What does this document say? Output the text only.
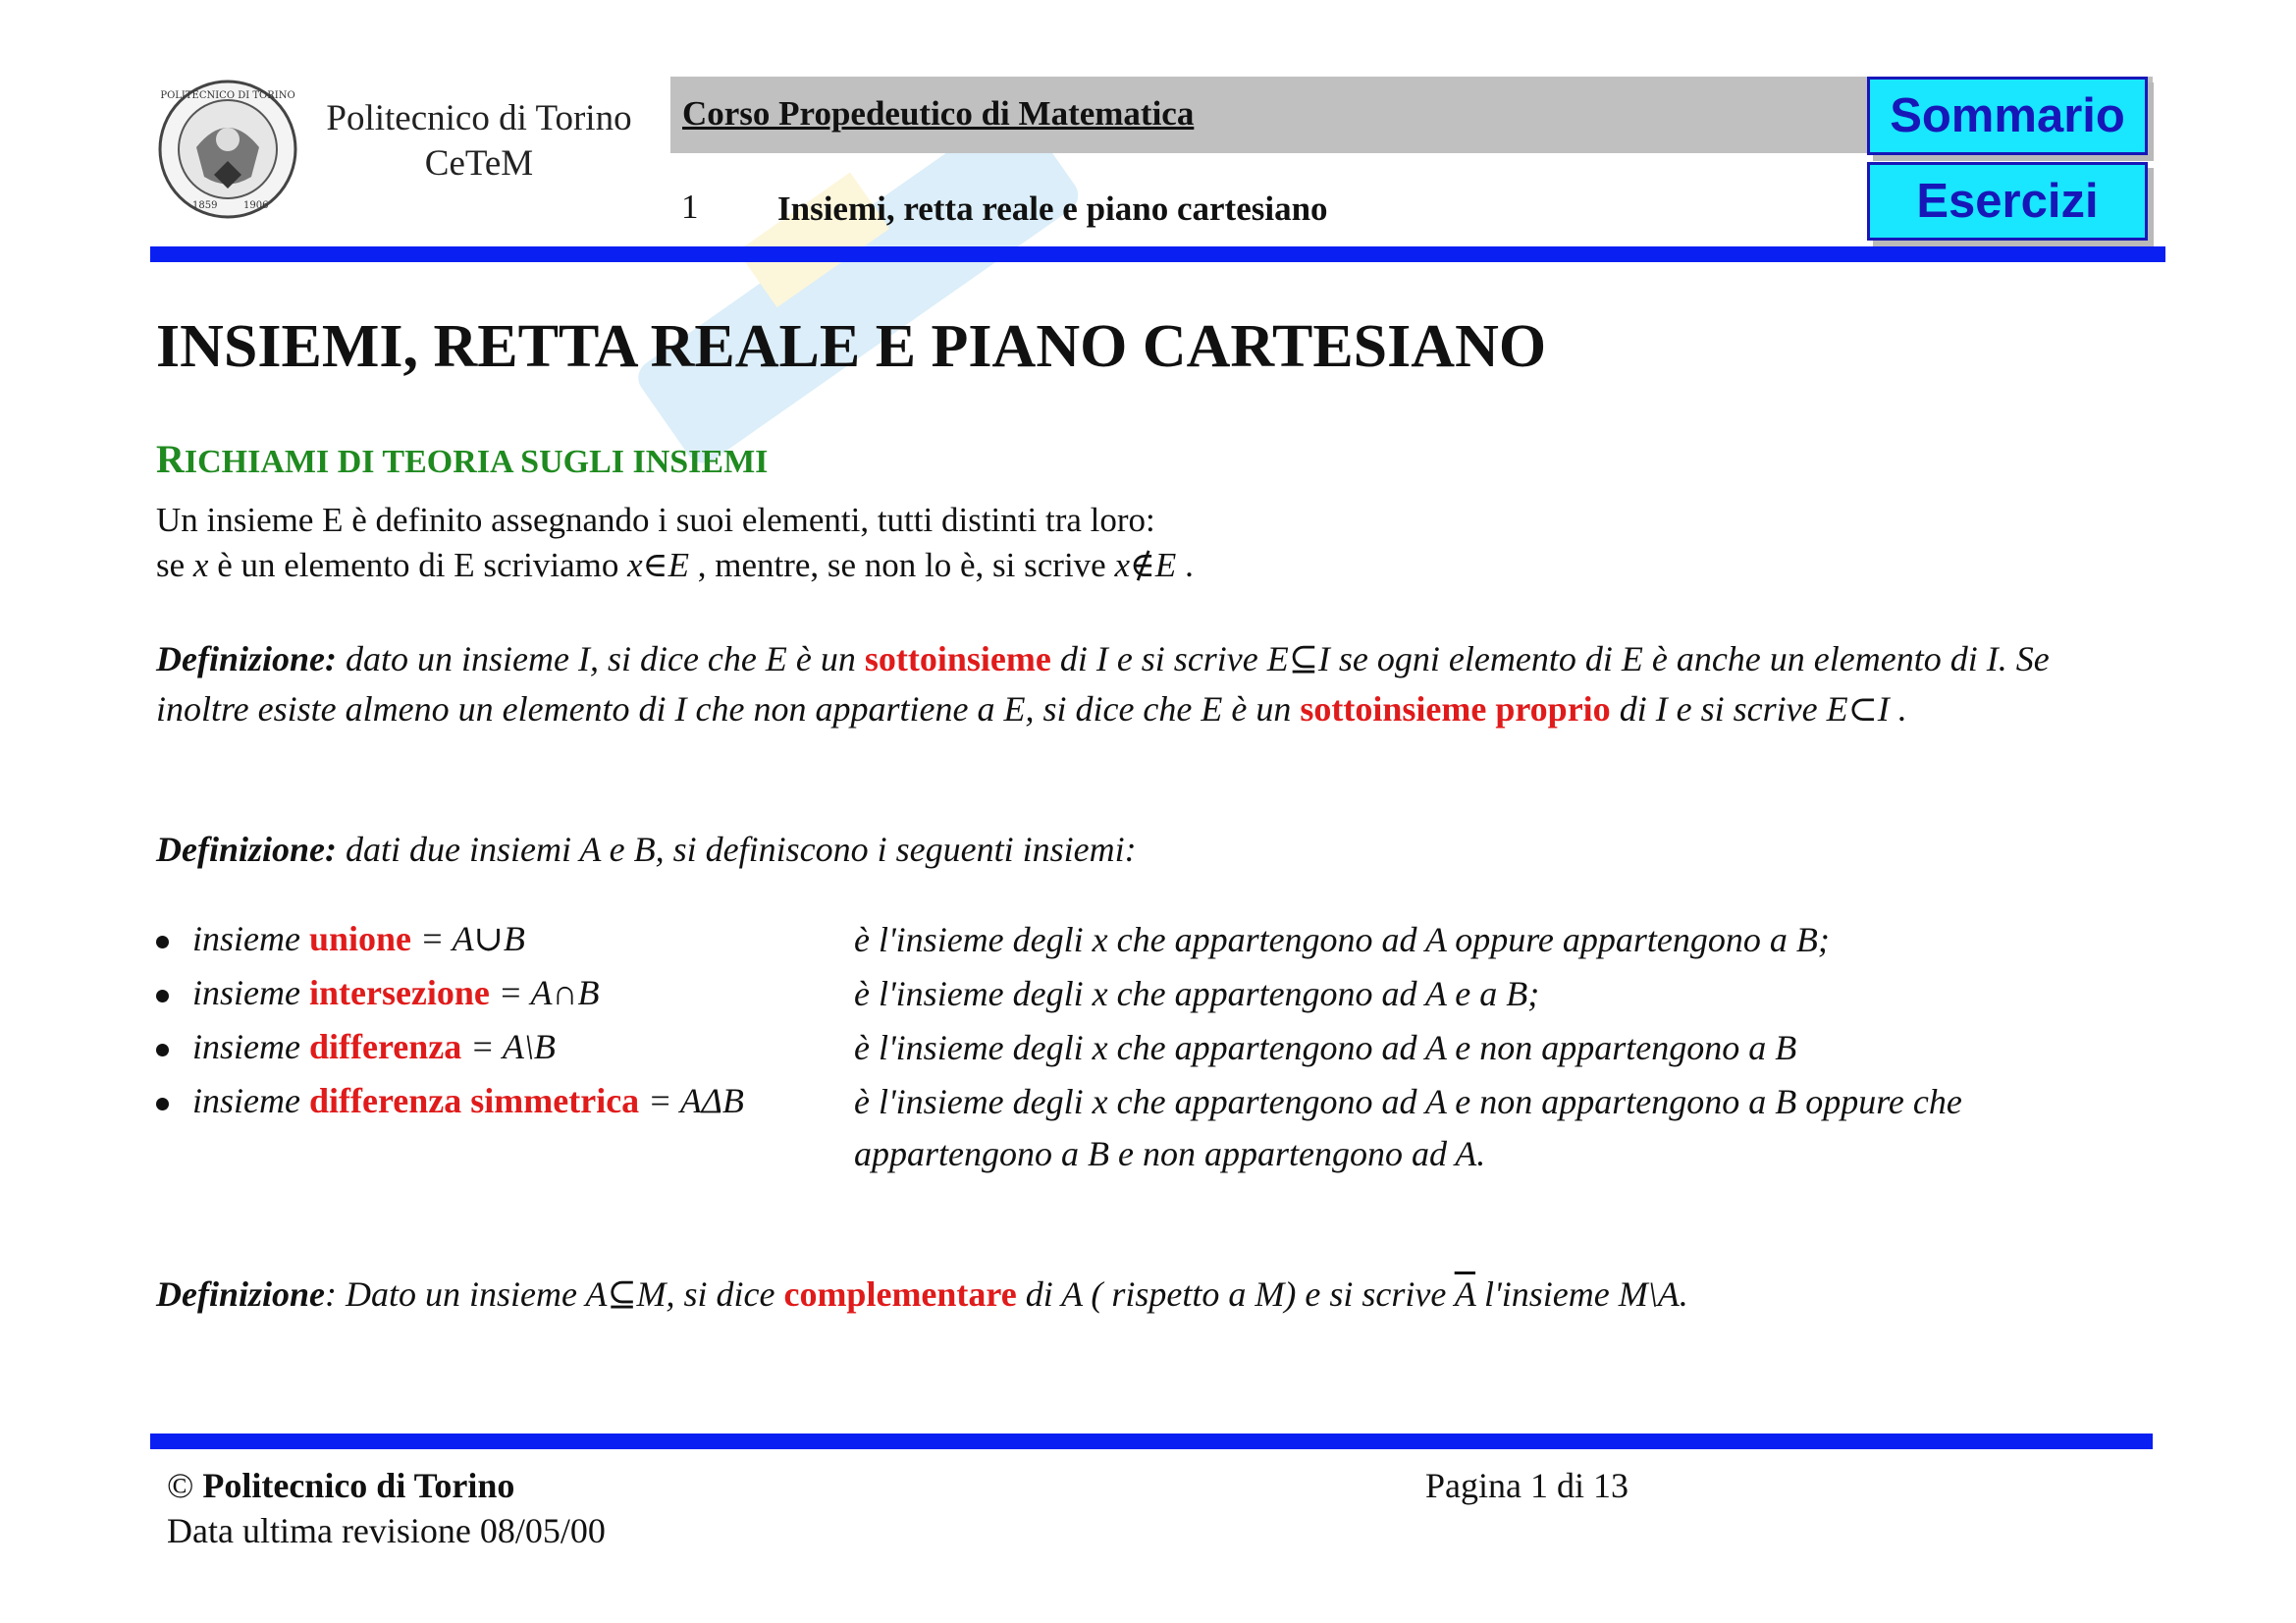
POLITECNICO DI TORINO
1859	1906
Politecnico di Torino
CeTeM
Corso Propedeutico di Matematica
1 Insiemi, retta reale e piano cartesiano
Sommario
Esercizi
INSIEMI, RETTA REALE E PIANO CARTESIANO
RICHIAMI DI TEORIA SUGLI INSIEMI
Un insieme E è definito assegnando i suoi elementi, tutti distinti tra loro:
se x è un elemento di E scriviamo x∈E , mentre, se non lo è, si scrive x∉E .
Definizione: dato un insieme I, si dice che E è un sottoinsieme di I e si scrive E⊆I se ogni elemento di E è anche un elemento di I. Se inoltre esiste almeno un elemento di I che non appartiene a E, si dice che E è un sottoinsieme proprio di I e si scrive E⊂I .
Definizione: dati due insiemi A e B, si definiscono i seguenti insiemi:
insieme unione = A∪B	è l'insieme degli x che appartengono ad A oppure appartengono a B;
insieme intersezione = A∩B	è l'insieme degli x che appartengono ad A e a B;
insieme differenza = A\B	è l'insieme degli x che appartengono ad A e non appartengono a B
insieme differenza simmetrica = AΔB	è l'insieme degli x che appartengono ad A e non appartengono a B oppure che
appartengono a B e non appartengono ad A.
Definizione: Dato un insieme A⊆M, si dice complementare di A ( rispetto a M) e si scrive $\overline{A}$ l'insieme M\A.
© Politecnico di Torino
Data ultima revisione 08/05/00
Pagina 1 di 13
